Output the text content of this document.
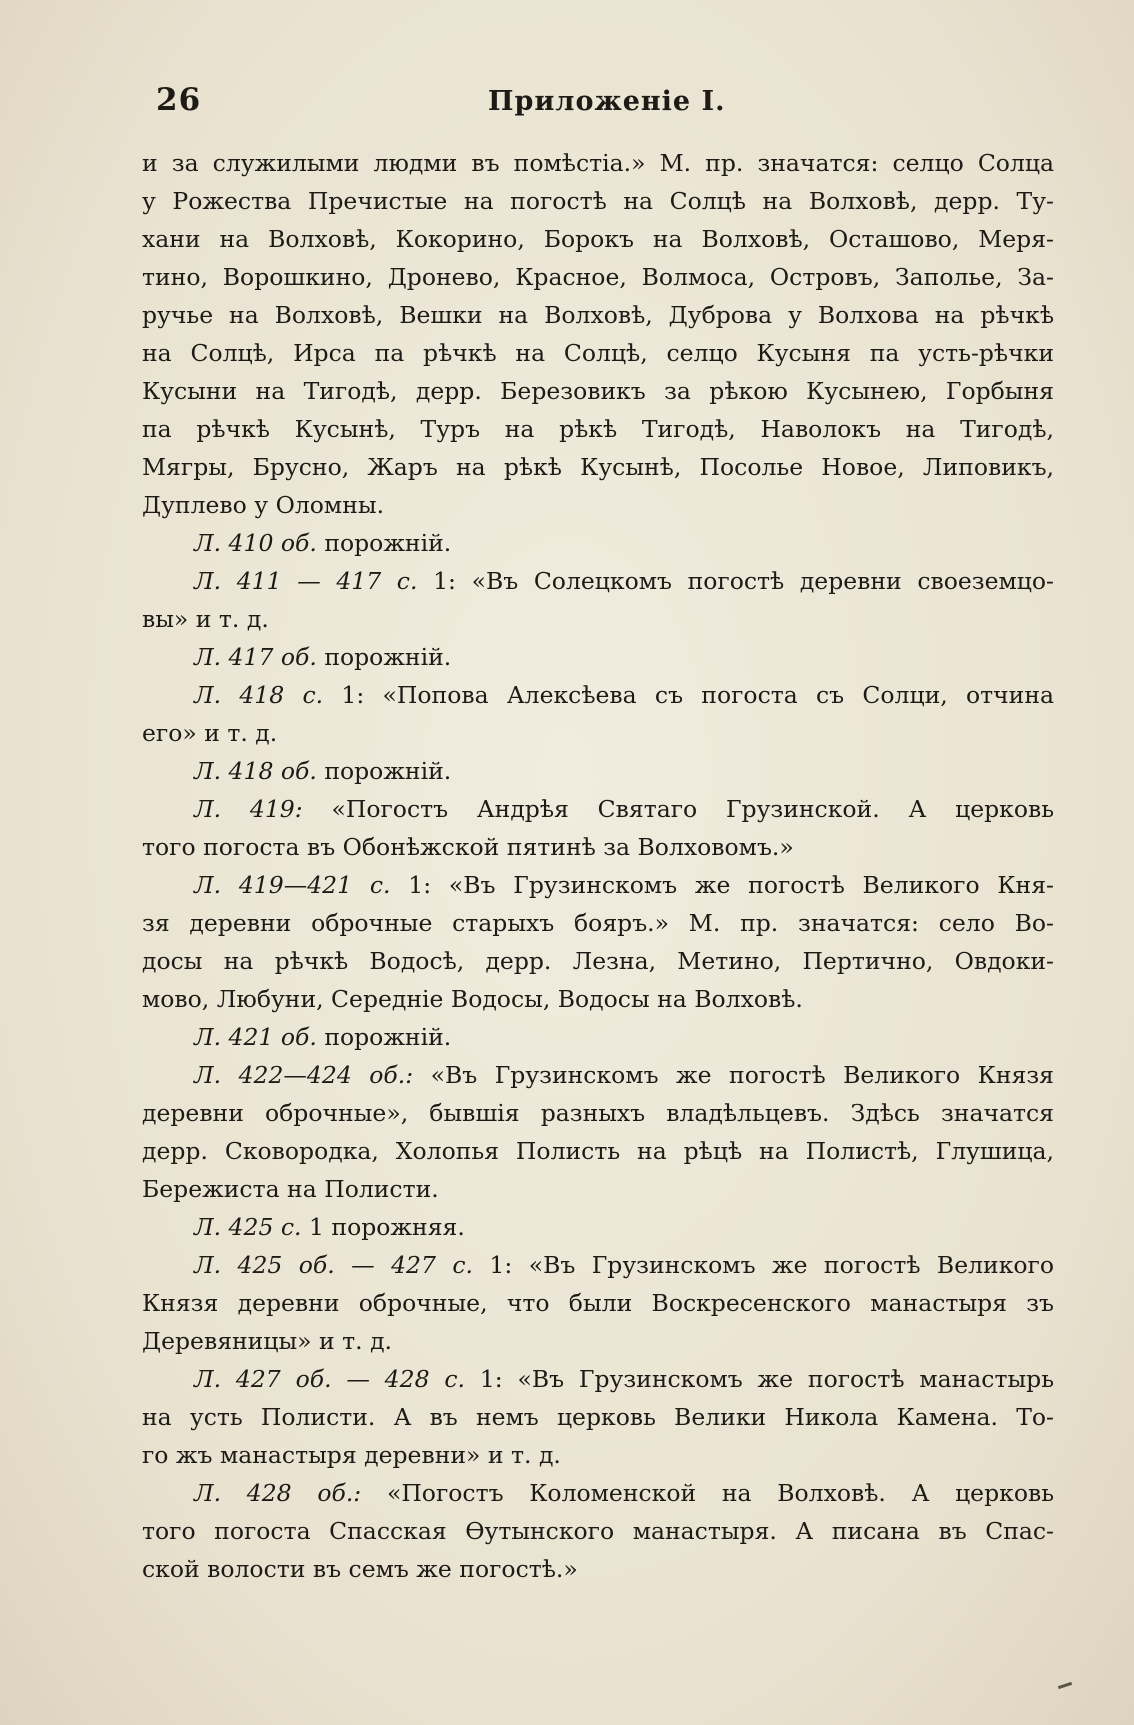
26	Приложенiе I.
и за служилыми людми въ помѣстiа.» М. пр. значатся: селцо Солца
у Рожества Пречистые на погостѣ на Солцѣ на Волховѣ, дерр. Ту-
хани на Волховѣ, Кокорино, Борокъ на Волховѣ, Осташово, Меря-
тино, Ворошкино, Дронево, Красное, Волмоса, Островъ, Заполье, За-
ручье на Волховѣ, Вешки на Волховѣ, Дуброва у Волхова на рѣчкѣ
на Солцѣ, Ирса па рѣчкѣ на Солцѣ, селцо Кусыня па усть-рѣчки
Кусыни на Тигодѣ, дерр. Березовикъ за рѣкою Кусынею, Горбыня
па рѣчкѣ Кусынѣ, Туръ на рѣкѣ Тигодѣ, Наволокъ на Тигодѣ,
Мягры, Брусно, Жаръ на рѣкѣ Кусынѣ, Посолье Новое, Липовикъ,
Дуплево у Оломны.
Л. 410 об. порожнiй.
Л. 411 — 417 с. 1: «Въ Солецкомъ погостѣ деревни своеземцо-
вы» и т. д.
Л. 417 об. порожнiй.
Л. 418 с. 1: «Попова Алексѣева съ погоста съ Солци, отчина
его» и т. д.
Л. 418 об. порожнiй.
Л. 419: «Погостъ Андрѣя Святаго Грузинской. А церковь
того погоста въ Обонѣжской пятинѣ за Волховомъ.»
Л. 419—421 с. 1: «Въ Грузинскомъ же погостѣ Великого Кня-
зя деревни оброчные старыхъ бояръ.» М. пр. значатся: село Во-
досы на рѣчкѣ Водосѣ, дерр. Лезна, Метино, Пертично, Овдоки-
мово, Любуни, Середнiе Водосы, Водосы на Волховѣ.
Л. 421 об. порожнiй.
Л. 422—424 об.: «Въ Грузинскомъ же погостѣ Великого Князя
деревни оброчные», бывшiя разныхъ владѣльцевъ. Здѣсь значатся
дерр. Сковородка, Холопья Полисть на рѣцѣ на Полистѣ, Глушица,
Бережиста на Полисти.
Л. 425 с. 1 порожняя.
Л. 425 об. — 427 с. 1: «Въ Грузинскомъ же погостѣ Великого
Князя деревни оброчные, что были Воскресенского манастыря зъ
Деревяницы» и т. д.
Л. 427 об. — 428 с. 1: «Въ Грузинскомъ же погостѣ манастырь
на усть Полисти. А въ немъ церковь Велики Никола Камена. То-
го жъ манастыря деревни» и т. д.
Л. 428 об.: «Погостъ Коломенской на Волховѣ. А церковь
того погоста Спасская Өутынского манастыря. А писана въ Спас-
ской волости въ семъ же погостѣ.»
